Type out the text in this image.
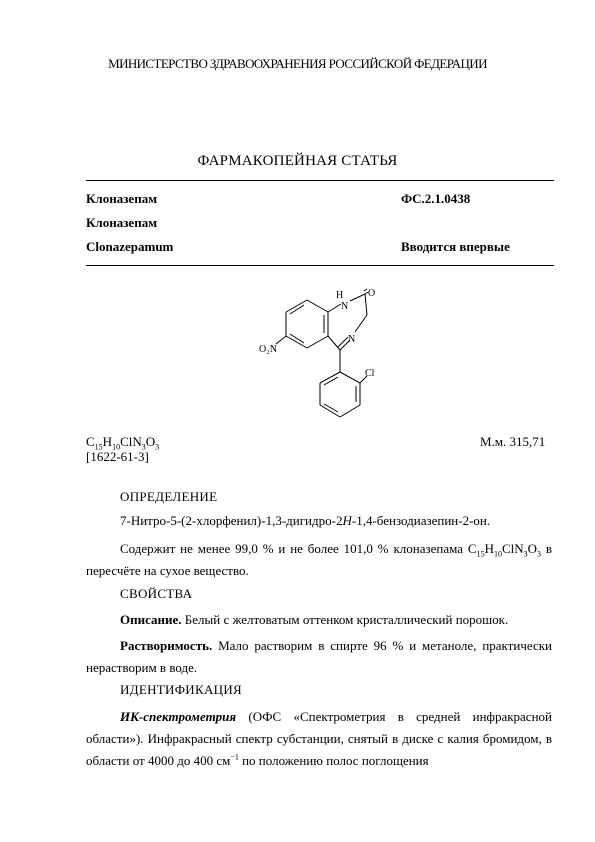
МИНИСТЕРСТВО ЗДРАВООХРАНЕНИЯ РОССИЙСКОЙ ФЕДЕРАЦИИ
ФАРМАКОПЕЙНАЯ СТАТЬЯ
Клоназепам	ФС.2.1.0438
Клоназепам
Clonazepamum	Вводится впервые
H
N
O
N
O₂N
Cl
$C_{15}H_{10}ClN_3O_3$	М.м. 315,71
[1622-61-3]
ОПРЕДЕЛЕНИЕ
7-Нитро-5-(2-хлорфенил)-1,3-дигидро-2H-1,4-бензодиазепин-2-он.
Содержит не менее 99,0 % и не более 101,0 % клоназепама $C_{15}H_{10}ClN_3O_3$ в пересчёте на сухое вещество.
СВОЙСТВА
Описание. Белый с желтоватым оттенком кристаллический порошок.
Растворимость. Мало растворим в спирте 96 % и метаноле, практически нерастворим в воде.
ИДЕНТИФИКАЦИЯ
ИК-спектрометрия (ОФС «Спектрометрия в средней инфракрасной области»). Инфракрасный спектр субстанции, снятый в диске с калия бромидом, в области от 4000 до 400 $см^{-1}$ по положению полос поглощения
